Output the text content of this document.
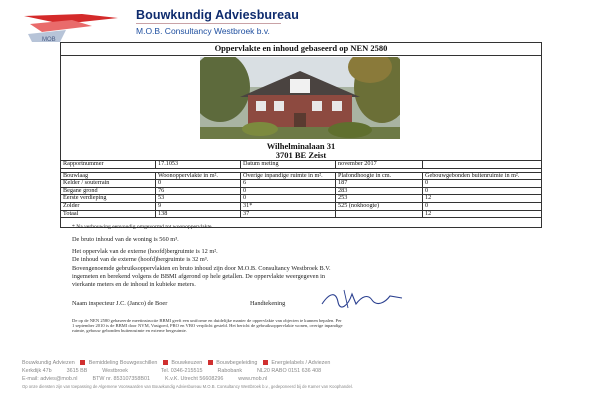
MOB
Bouwkundig Adviesbureau
M.O.B. Consultancy Westbroek b.v.
Oppervlakte en inhoud gebaseerd op NEN 2580
Wilhelminalaan 31
3701 BE Zeist
Rapportnummer	17.1053	Datum meting	november 2017	

Bouwlaag	Woonoppervlakte in m².	Overige inpandige ruimte in m².	Plafondhoogte in cm.	Gebouwgebonden buitenruimte in m².
Kelder / souterrain	0	6	187	0
Begane grond	76	0	283	0
Eerste verdieping	53	0	253	12
Zolder	9	31*	525 (nokhoogte)	0
Totaal	138	37		12
* Na verbouwing eenvoudig omgevormd tot woonoppervlakte.
De bruto inhoud van de woning is 560 m³.
Het oppervlak van de externe (hoofd)bergruimte is 12 m².
De inhoud van de externe (hoofd)bergruimte is 32 m³.
Bovengenoemde gebruiksoppervlakten en bruto inhoud zijn door M.O.B. Consultancy Westbroek B.V.
ingemeten en berekend volgens de BBMI afgerond op hele getallen. De oppervlakte weergegeven in
vierkante meters en de inhoud in kubieke meters.
Naam inspecteur J.C. (Janco) de Boer	Handtekening
De op de NEN 2580 gebaseerde meetinstructie BBMI geeft een uniforme en duidelijke manier de oppervlakte van objecten te kunnen bepalen. Per
1 september 2010 is de BBMI door NVM, Vastgoed, PRO en VBO verplicht gesteld. Het bericht de gebruiksoppervlakte wonen, overige inpandige
ruimte, gebouw gebonden buitenruimte en externe bergruimte.
Bouwkundig Adviezen	Bemiddeling Bouwgeschillen	Bouwkeuzen	Bouwbegeleiding	Energielabels / Adviezen
Kerkdijk 47b          3615 BB          Westbroek                      Tel. 0346-215515          Rabobank          NL20 RABO 0151 636 408
E-mail: advies@mob.nl          BTW nr. 853107358B01          K.v.K. Utrecht 56608296          www.mob.nl
Op onze diensten zijn van toepassing de Algemene Voorwaarden van Bouwkundig Adviesbureau M.O.B. Consultancy Westbroek b.v., gedeponeerd bij de Kamer van Koophandel.
